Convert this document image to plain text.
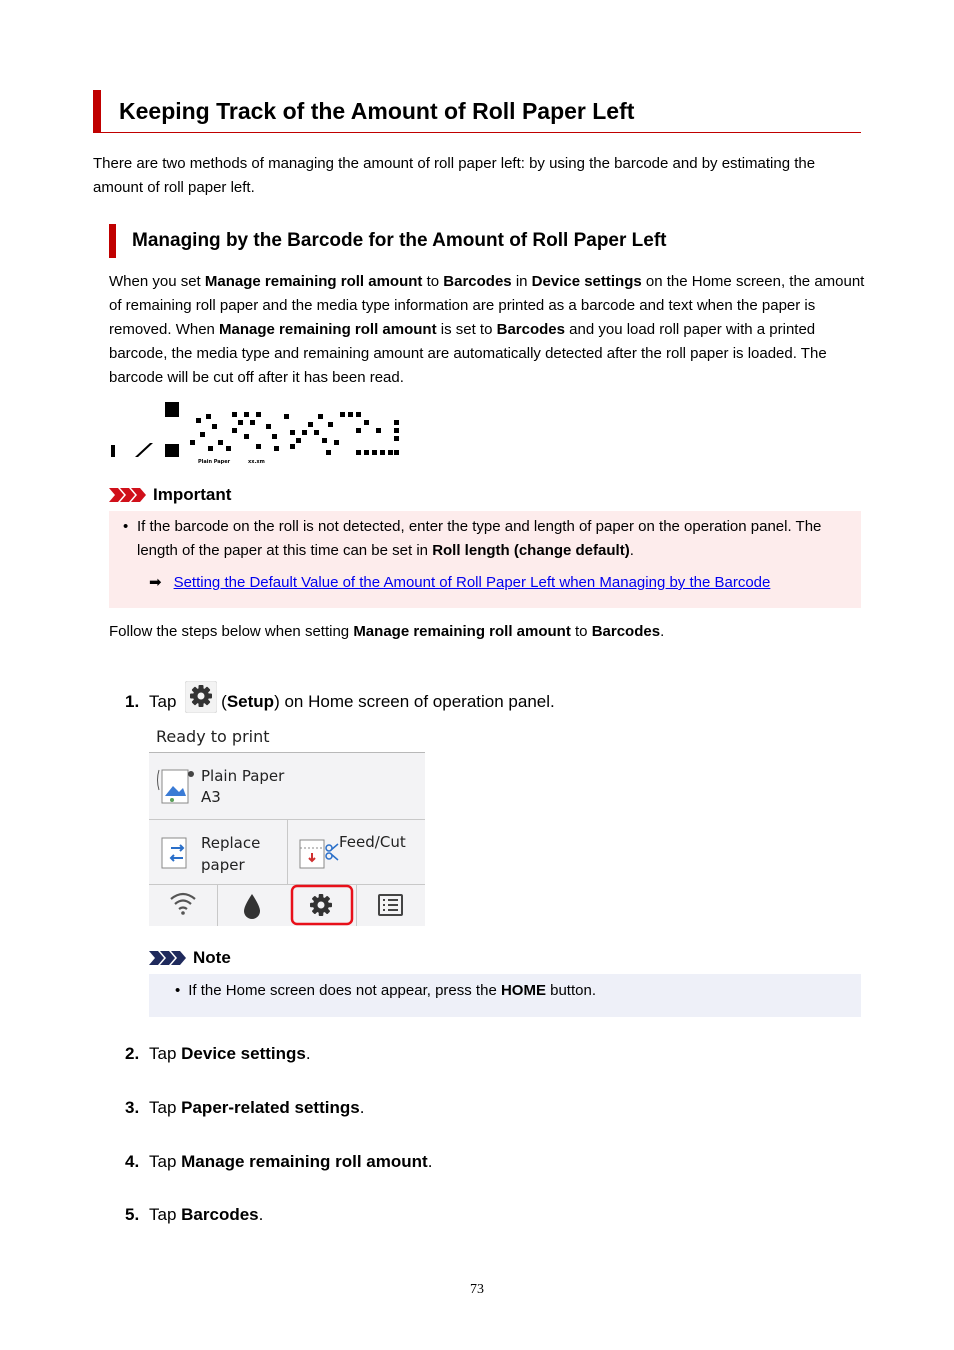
Keeping Track of the Amount of Roll Paper Left
There are two methods of managing the amount of roll paper left: by using the barcode and by estimating the amount of roll paper left.
Managing by the Barcode for the Amount of Roll Paper Left
When you set Manage remaining roll amount to Barcodes in Device settings on the Home screen, the amount of remaining roll paper and the media type information are printed as a barcode and text when the paper is removed. When Manage remaining roll amount is set to Barcodes and you load roll paper with a printed barcode, the media type and remaining amount are automatically detected after the roll paper is loaded. The barcode will be cut off after it has been read.
Plain Paper	xx.xm
Important
• If the barcode on the roll is not detected, enter the type and length of paper on the operation panel. The length of the paper at this time can be set in Roll length (change default).
➡ Setting the Default Value of the Amount of Roll Paper Left when Managing by the Barcode
Follow the steps below when setting Manage remaining roll amount to Barcodes.
1. Tap	(Setup) on Home screen of operation panel.
Ready to print
Plain Paper
A3
Replace
paper
Feed/Cut
Note
• If the Home screen does not appear, press the HOME button.
2. Tap Device settings.
3. Tap Paper-related settings.
4. Tap Manage remaining roll amount.
5. Tap Barcodes.
73
